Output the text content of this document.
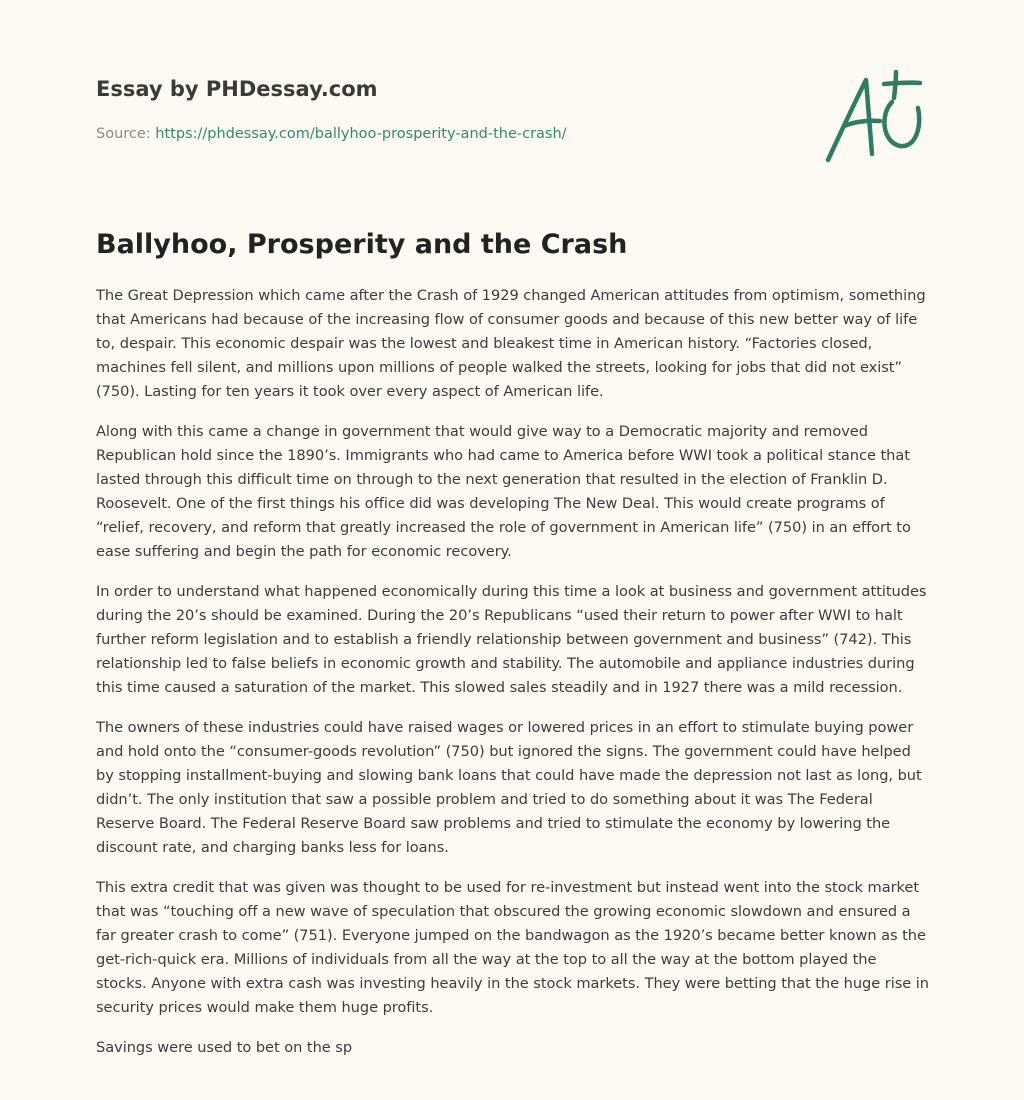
Essay by PHDessay.com
Source: https://phdessay.com/ballyhoo-prosperity-and-the-crash/
Ballyhoo, Prosperity and the Crash

The Great Depression which came after the Crash of 1929 changed American attitudes from optimism, something that Americans had because of the increasing flow of consumer goods and because of this new better way of life to, despair. This economic despair was the lowest and bleakest time in American history. “Factories closed, machines fell silent, and millions upon millions of people walked the streets, looking for jobs that did not exist” (750). Lasting for ten years it took over every aspect of American life.

Along with this came a change in government that would give way to a Democratic majority and removed Republican hold since the 1890’s. Immigrants who had came to America before WWI took a political stance that lasted through this difficult time on through to the next generation that resulted in the election of Franklin D. Roosevelt. One of the first things his office did was developing The New Deal. This would create programs of “relief, recovery, and reform that greatly increased the role of government in American life” (750) in an effort to ease suffering and begin the path for economic recovery.

In order to understand what happened economically during this time a look at business and government attitudes during the 20’s should be examined. During the 20’s Republicans “used their return to power after WWI to halt further reform legislation and to establish a friendly relationship between government and business” (742). This relationship led to false beliefs in economic growth and stability. The automobile and appliance industries during this time caused a saturation of the market. This slowed sales steadily and in 1927 there was a mild recession.

The owners of these industries could have raised wages or lowered prices in an effort to stimulate buying power and hold onto the “consumer-goods revolution” (750) but ignored the signs. The government could have helped by stopping installment-buying and slowing bank loans that could have made the depression not last as long, but didn’t. The only institution that saw a possible problem and tried to do something about it was The Federal Reserve Board. The Federal Reserve Board saw problems and tried to stimulate the economy by lowering the discount rate, and charging banks less for loans.

This extra credit that was given was thought to be used for re-investment but instead went into the stock market that was “touching off a new wave of speculation that obscured the growing economic slowdown and ensured a far greater crash to come” (751). Everyone jumped on the bandwagon as the 1920’s became better known as the get-rich-quick era. Millions of individuals from all the way at the top to all the way at the bottom played the stocks. Anyone with extra cash was investing heavily in the stock markets. They were betting that the huge rise in security prices would make them huge profits.

Savings were used to bet on the sp
